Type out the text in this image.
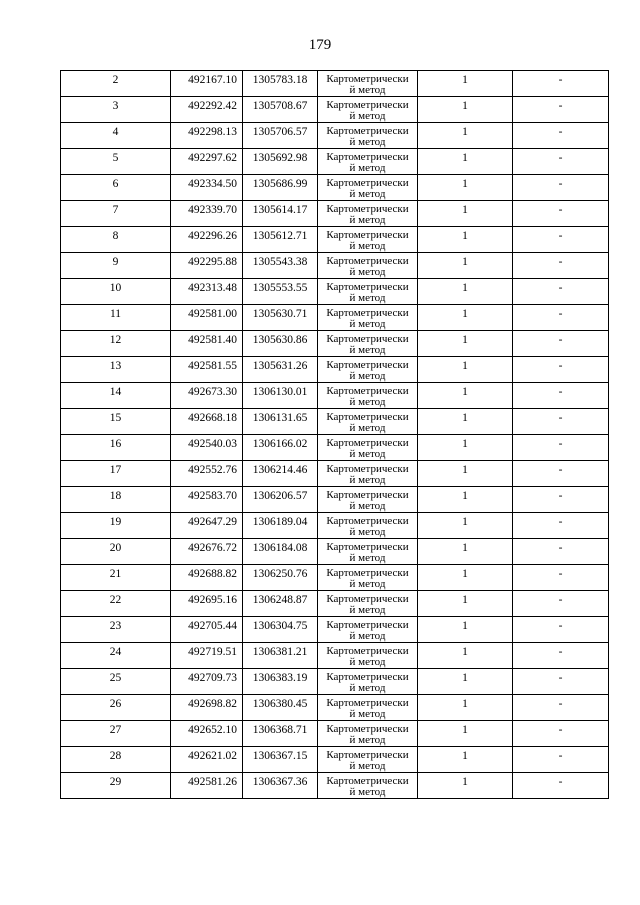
179
2	492167.10	1305783.18	Картометрически
й метод	1	-

3	492292.42	1305708.67	Картометрически
й метод	1	-

4	492298.13	1305706.57	Картометрически
й метод	1	-

5	492297.62	1305692.98	Картометрически
й метод	1	-

6	492334.50	1305686.99	Картометрически
й метод	1	-

7	492339.70	1305614.17	Картометрически
й метод	1	-

8	492296.26	1305612.71	Картометрически
й метод	1	-

9	492295.88	1305543.38	Картометрически
й метод	1	-

10	492313.48	1305553.55	Картометрически
й метод	1	-

11	492581.00	1305630.71	Картометрически
й метод	1	-

12	492581.40	1305630.86	Картометрически
й метод	1	-

13	492581.55	1305631.26	Картометрически
й метод	1	-

14	492673.30	1306130.01	Картометрически
й метод	1	-

15	492668.18	1306131.65	Картометрически
й метод	1	-

16	492540.03	1306166.02	Картометрически
й метод	1	-

17	492552.76	1306214.46	Картометрически
й метод	1	-

18	492583.70	1306206.57	Картометрически
й метод	1	-

19	492647.29	1306189.04	Картометрически
й метод	1	-

20	492676.72	1306184.08	Картометрически
й метод	1	-

21	492688.82	1306250.76	Картометрически
й метод	1	-

22	492695.16	1306248.87	Картометрически
й метод	1	-

23	492705.44	1306304.75	Картометрически
й метод	1	-

24	492719.51	1306381.21	Картометрически
й метод	1	-

25	492709.73	1306383.19	Картометрически
й метод	1	-

26	492698.82	1306380.45	Картометрически
й метод	1	-

27	492652.10	1306368.71	Картометрически
й метод	1	-

28	492621.02	1306367.15	Картометрически
й метод	1	-

29	492581.26	1306367.36	Картометрически
й метод	1	-
